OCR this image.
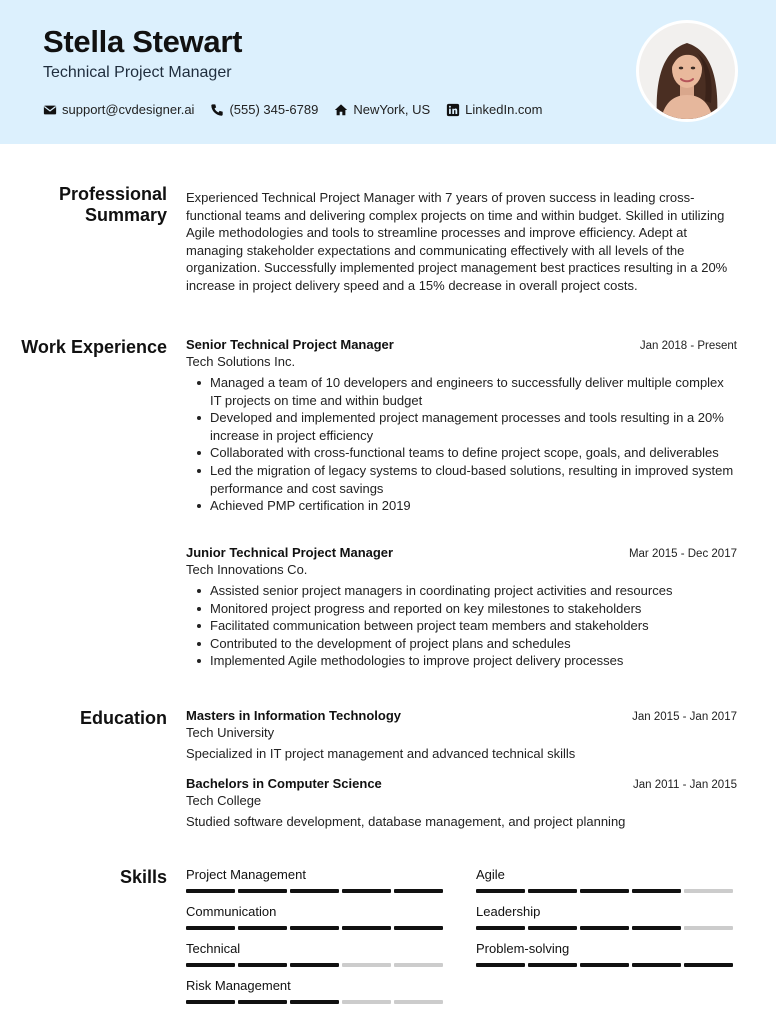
Stella Stewart
Technical Project Manager
support@cvdesigner.ai	(555) 345-6789	NewYork, US	LinkedIn.com
Professional Summary
Experienced Technical Project Manager with 7 years of proven success in leading cross-functional teams and delivering complex projects on time and within budget. Skilled in utilizing Agile methodologies and tools to streamline processes and improve efficiency. Adept at managing stakeholder expectations and communicating effectively with all levels of the organization. Successfully implemented project management best practices resulting in a 20% increase in project delivery speed and a 15% decrease in overall project costs.
Work Experience Senior Technical Project Manager	Jan 2018 - Present
Tech Solutions Inc.
Managed a team of 10 developers and engineers to successfully deliver multiple complex IT projects on time and within budget
Developed and implemented project management processes and tools resulting in a 20% increase in project efficiency
Collaborated with cross-functional teams to define project scope, goals, and deliverables
Led the migration of legacy systems to cloud-based solutions, resulting in improved system performance and cost savings
Achieved PMP certification in 2019
Junior Technical Project Manager	Mar 2015 - Dec 2017
Tech Innovations Co.
Assisted senior project managers in coordinating project activities and resources
Monitored project progress and reported on key milestones to stakeholders
Facilitated communication between project team members and stakeholders
Contributed to the development of project plans and schedules
Implemented Agile methodologies to improve project delivery processes
Education Masters in Information Technology	Jan 2015 - Jan 2017
Tech University
Specialized in IT project management and advanced technical skills
Bachelors in Computer Science	Jan 2011 - Jan 2015
Tech College
Studied software development, database management, and project planning
Skills Project Management	Agile
Communication	Leadership
Technical	Problem-solving
Risk Management
